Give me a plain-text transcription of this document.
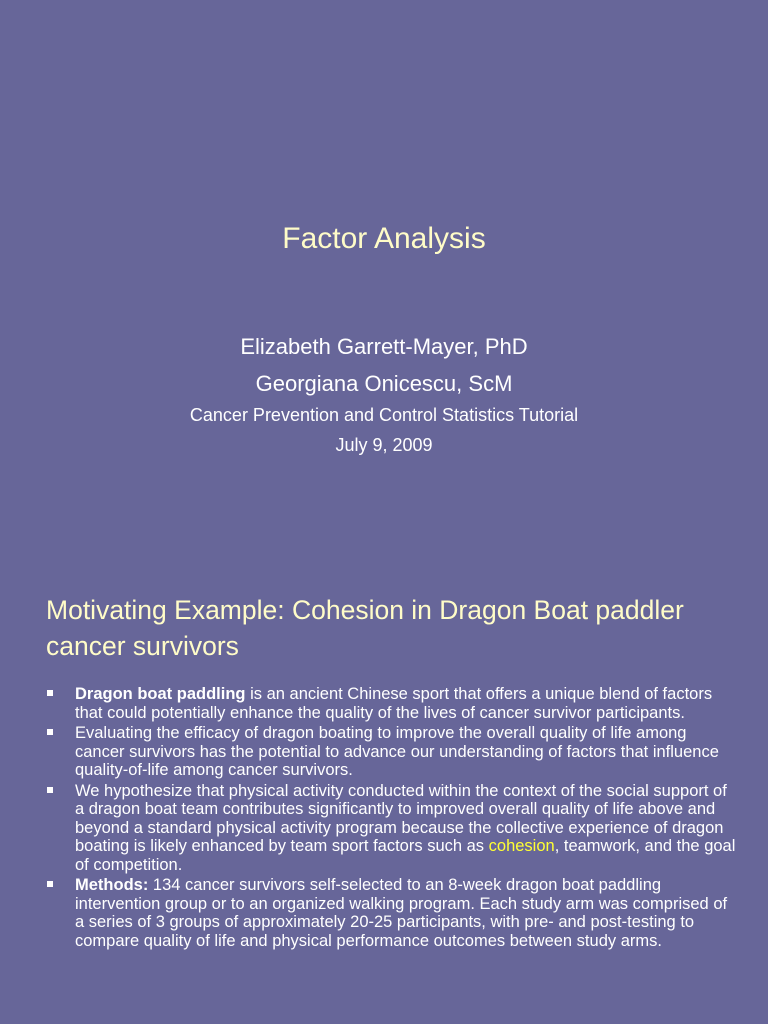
Factor Analysis
Elizabeth Garrett-Mayer, PhD
Georgiana Onicescu, ScM
Cancer Prevention and Control Statistics Tutorial
July 9, 2009
Motivating Example: Cohesion in Dragon Boat paddler cancer survivors
Dragon boat paddling is an ancient Chinese sport that offers a unique blend of factors that could potentially enhance the quality of the lives of cancer survivor participants.
Evaluating the efficacy of dragon boating to improve the overall quality of life among cancer survivors has the potential to advance our understanding of factors that influence quality-of-life among cancer survivors.
We hypothesize that physical activity conducted within the context of the social support of a dragon boat team contributes significantly to improved overall quality of life above and beyond a standard physical activity program because the collective experience of dragon boating is likely enhanced by team sport factors such as cohesion, teamwork, and the goal of competition.
Methods: 134 cancer survivors self-selected to an 8-week dragon boat paddling intervention group or to an organized walking program. Each study arm was comprised of a series of 3 groups of approximately 20-25 participants, with pre- and post-testing to compare quality of life and physical performance outcomes between study arms.
